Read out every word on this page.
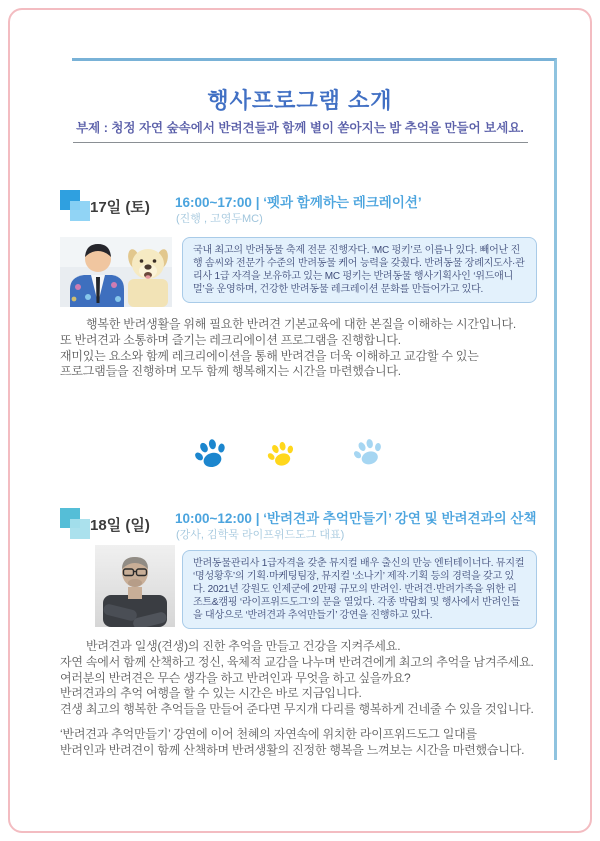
행사프로그램 소개
부제 : 청정 자연 숲속에서 반려견들과 함께 별이 쏟아지는 밤 추억을 만들어 보세요.
17일 (토) 16:00~17:00 | ‘펫과 함께하는 레크레이션’
(진행 , 고영두MC)
국내 최고의 반려동물 축제 전문 진행자다. ‘MC 펑키’로 이름나 있다. 빼어난 진행 솜씨와 전문가 수준의 반려동물 케어 능력을 갖췄다. 반려동물 장례지도사·관리사 1급 자격을 보유하고 있는 MC 펑키는 반려동물 행사기획사인 ‘위드애니멀’을 운영하며, 건강한 반려동물 레크레이션 문화를 만들어가고 있다.
행복한 반려생활을 위해 필요한 반려견 기본교육에 대한 본질을 이해하는 시간입니다.
또 반려견과 소통하며 즐기는 레크리에이션 프로그램을 진행합니다.
재미있는 요소와 함께 레크리에이션을 통해 반려견을 더욱 이해하고 교감할 수 있는
프로그램들을 진행하며 모두 함께 행복해지는 시간을 마련했습니다.
18일 (일) 10:00~12:00 | ‘반려견과 추억만들기’ 강연 및 반려견과의 산책
(강사, 김학묵 라이프위드도그 대표)
반려동물관리사 1급자격을 갖춘 뮤지컬 배우 출신의 만능 엔터테이너다. 뮤지컬 ‘명성황후’의 기획·마케팅팀장, 뮤지컬 ‘소나기’ 제작·기획 등의 경력을 갖고 있다. 2021년 강원도 인제군에 2만평 규모의 반려인· 반려견·반려가족을 위한 리조트&캠핑 ‘라이프위드도그’의 문을 열었다. 각종 박람회 및 행사에서 반려인들을 대상으로 ‘반려견과 추억만들기’ 강연을 진행하고 있다.
반려견과 일생(견생)의 진한 추억을 만들고 건강을 지켜주세요.
자연 속에서 함께 산책하고 정신, 육체적 교감을 나누며 반려견에게 최고의 추억을 남겨주세요.
여러분의 반려견은 무슨 생각을 하고 반려인과 무엇을 하고 싶을까요?
반려견과의 추억 여행을 할 수 있는 시간은 바로 지금입니다.
견생 최고의 행복한 추억들을 만들어 준다면 무지개 다리를 행복하게 건네줄 수 있을 것입니다.
‘반려견과 추억만들기’ 강연에 이어 천혜의 자연속에 위치한 라이프위드도그 일대를
반려인과 반려견이 함께 산책하며 반려생활의 진정한 행복을 느껴보는 시간을 마련했습니다.
